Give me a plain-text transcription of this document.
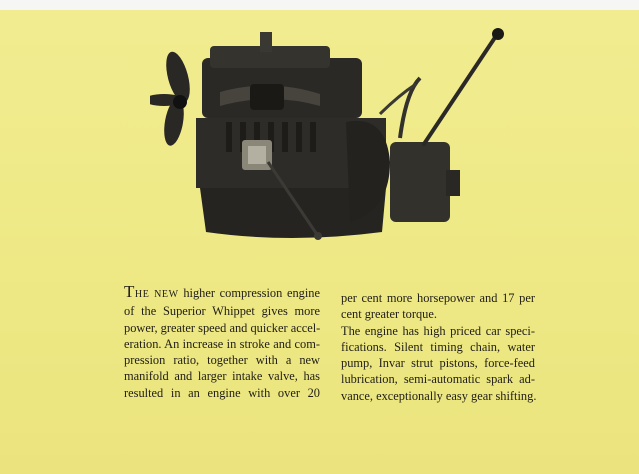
THE NEW higher compression engine
of the Superior Whippet gives more
power, greater speed and quicker accel-
eration. An increase in stroke and com-
pression ratio, together with a new
manifold and larger intake valve, has
resulted in an engine with over 20
per cent more horsepower and 17 per
cent greater torque.
The engine has high priced car speci-
fications. Silent timing chain, water
pump, Invar strut pistons, force-feed
lubrication, semi-automatic spark ad-
vance, exceptionally easy gear shifting.
